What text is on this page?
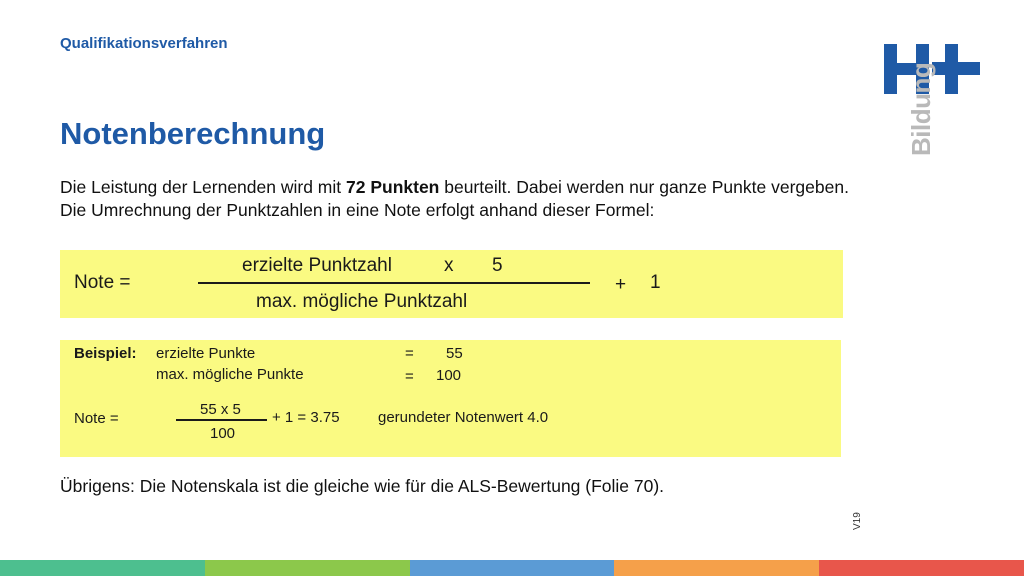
Qualifikationsverfahren
Notenberechnung	Bildung
Die Leistung der Lernenden wird mit 72 Punkten beurteilt. Dabei werden nur ganze Punkte vergeben. Die Umrechnung der Punktzahlen in eine Note erfolgt anhand dieser Formel:
Note =
erzielte Punktzahl	x 5
max. mögliche Punktzahl
+ 1
Beispiel: erzielte Punkte	= 55
max. mögliche Punkte	= 100
Note =
55 x 5
100
+ 1 = 3.75	gerundeter Notenwert 4.0
Übrigens: Die Notenskala ist die gleiche wie für die ALS-Bewertung (Folie 70).
V19
